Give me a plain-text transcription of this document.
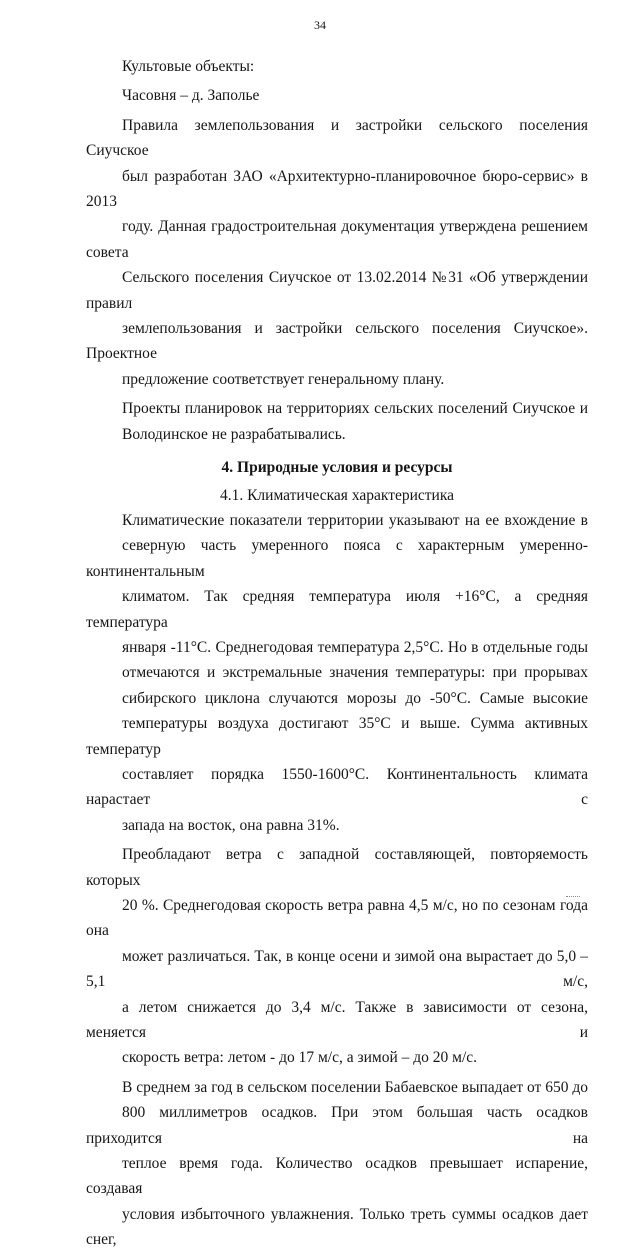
34

Культовые объекты:

Часовня – д. Заполье

Правила землепользования и застройки сельского поселения Сиучское
был разработан ЗАО «Архитектурно-планировочное бюро-сервис» в 2013
году. Данная градостроительная документация утверждена решением совета
Сельского поселения Сиучское от 13.02.2014 №31 «Об утверждении правил
землепользования и застройки сельского поселения Сиучское». Проектное
предложение соответствует генеральному плану.

Проекты планировок на территориях сельских поселений Сиучское и
Володинское не разрабатывались.

4. Природные условия и ресурсы

4.1. Климатическая характеристика

Климатические показатели территории указывают на ее вхождение в
северную часть умеренного пояса с характерным умеренно-континентальным
климатом. Так средняя температура июля +16°С, а средняя температура
января -11°С. Среднегодовая температура 2,5°С. Но в отдельные годы
отмечаются и экстремальные значения температуры: при прорывах
сибирского циклона случаются морозы до -50°С. Самые высокие
температуры воздуха достигают 35°С и выше. Сумма активных температур
составляет порядка 1550-1600°С. Континентальность климата нарастает с
запада на восток, она равна 31%.

Преобладают ветра с западной составляющей, повторяемость которых
20 %. Среднегодовая скорость ветра равна 4,5 м/с, но по сезонам года она
может различаться. Так, в конце осени и зимой она вырастает до 5,0 – 5,1 м/с,
а летом снижается до 3,4 м/с. Также в зависимости от сезона, меняется и
скорость ветра: летом - до 17 м/с, а зимой – до 20 м/с.

В среднем за год в сельском поселении Бабаевское выпадает от 650 до
800 миллиметров осадков. При этом большая часть осадков приходится на
теплое время года. Количество осадков превышает испарение, создавая
условия избыточного увлажнения. Только треть суммы осадков дает снег,
